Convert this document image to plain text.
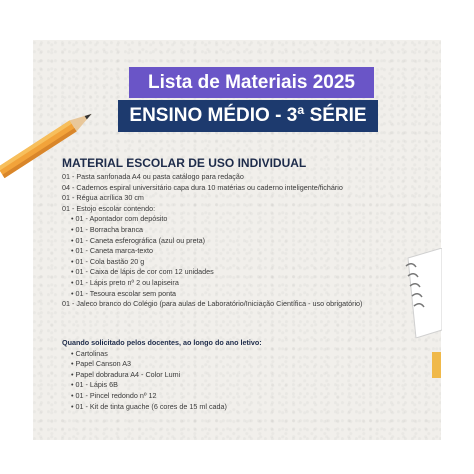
Lista de Materiais 2025
ENSINO MÉDIO - 3ª SÉRIE
MATERIAL ESCOLAR DE USO INDIVIDUAL
01 - Pasta sanfonada A4 ou pasta catálogo para redação
04 - Cadernos espiral universitário capa dura 10 matérias ou caderno inteligente/fichário
01 - Régua acrílica 30 cm
01 - Estojo escolar contendo:
• 01 - Apontador com depósito
• 01 - Borracha branca
• 01 - Caneta esferográfica (azul ou preta)
• 01 - Caneta marca-texto
• 01 - Cola bastão 20 g
• 01 - Caixa de lápis de cor com 12 unidades
• 01 - Lápis preto nº 2 ou lapiseira
• 01 - Tesoura escolar sem ponta
01 - Jaleco branco do Colégio (para aulas de Laboratório/Iniciação Científica - uso obrigatório)
Quando solicitado pelos docentes, ao longo do ano letivo:
• Cartolinas
• Papel Canson A3
• Papel dobradura A4 - Color Lumi
• 01 - Lápis 6B
• 01 - Pincel redondo nº 12
• 01 - Kit de tinta guache (6 cores de 15 ml cada)
